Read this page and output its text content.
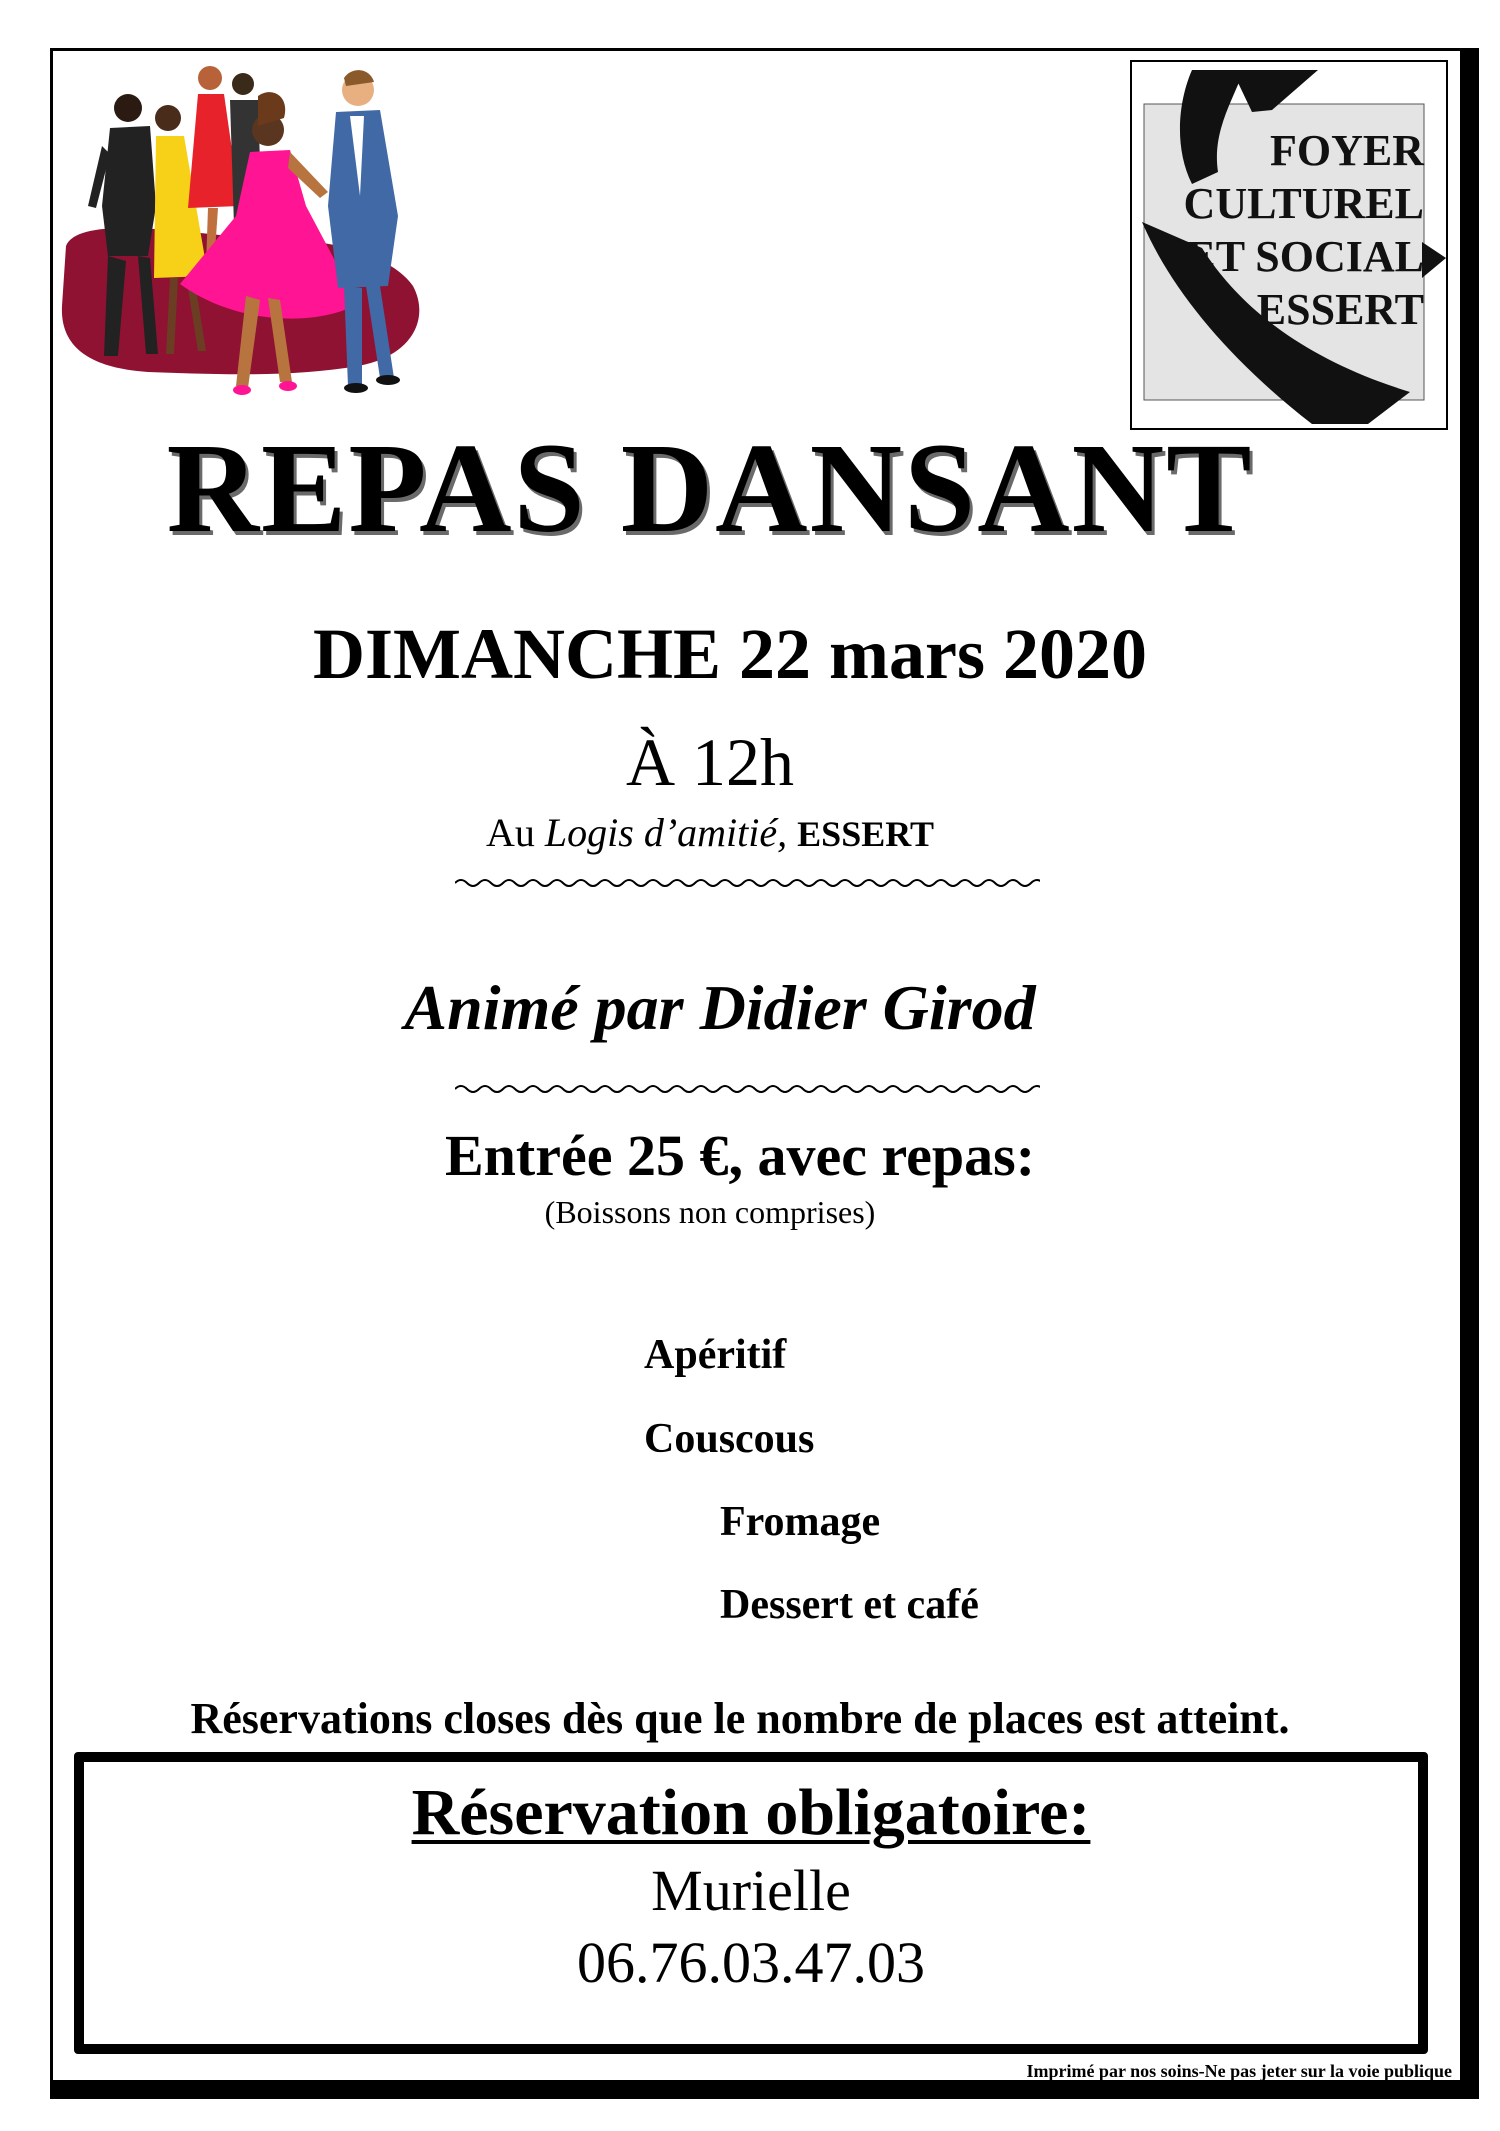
FOYER
CULTUREL
ET SOCIAL
ESSERT
REPAS DANSANT
DIMANCHE 22 mars 2020
À 12h
Au Logis d’amitié, ESSERT
Animé par Didier Girod
Entrée 25 €, avec repas:
(Boissons non comprises)
Apéritif
Couscous
Fromage
Dessert et café
Réservations closes dès que le nombre de places est atteint.
Réservation obligatoire:
Murielle
06.76.03.47.03
Imprimé par nos soins-Ne pas jeter sur la voie publique
